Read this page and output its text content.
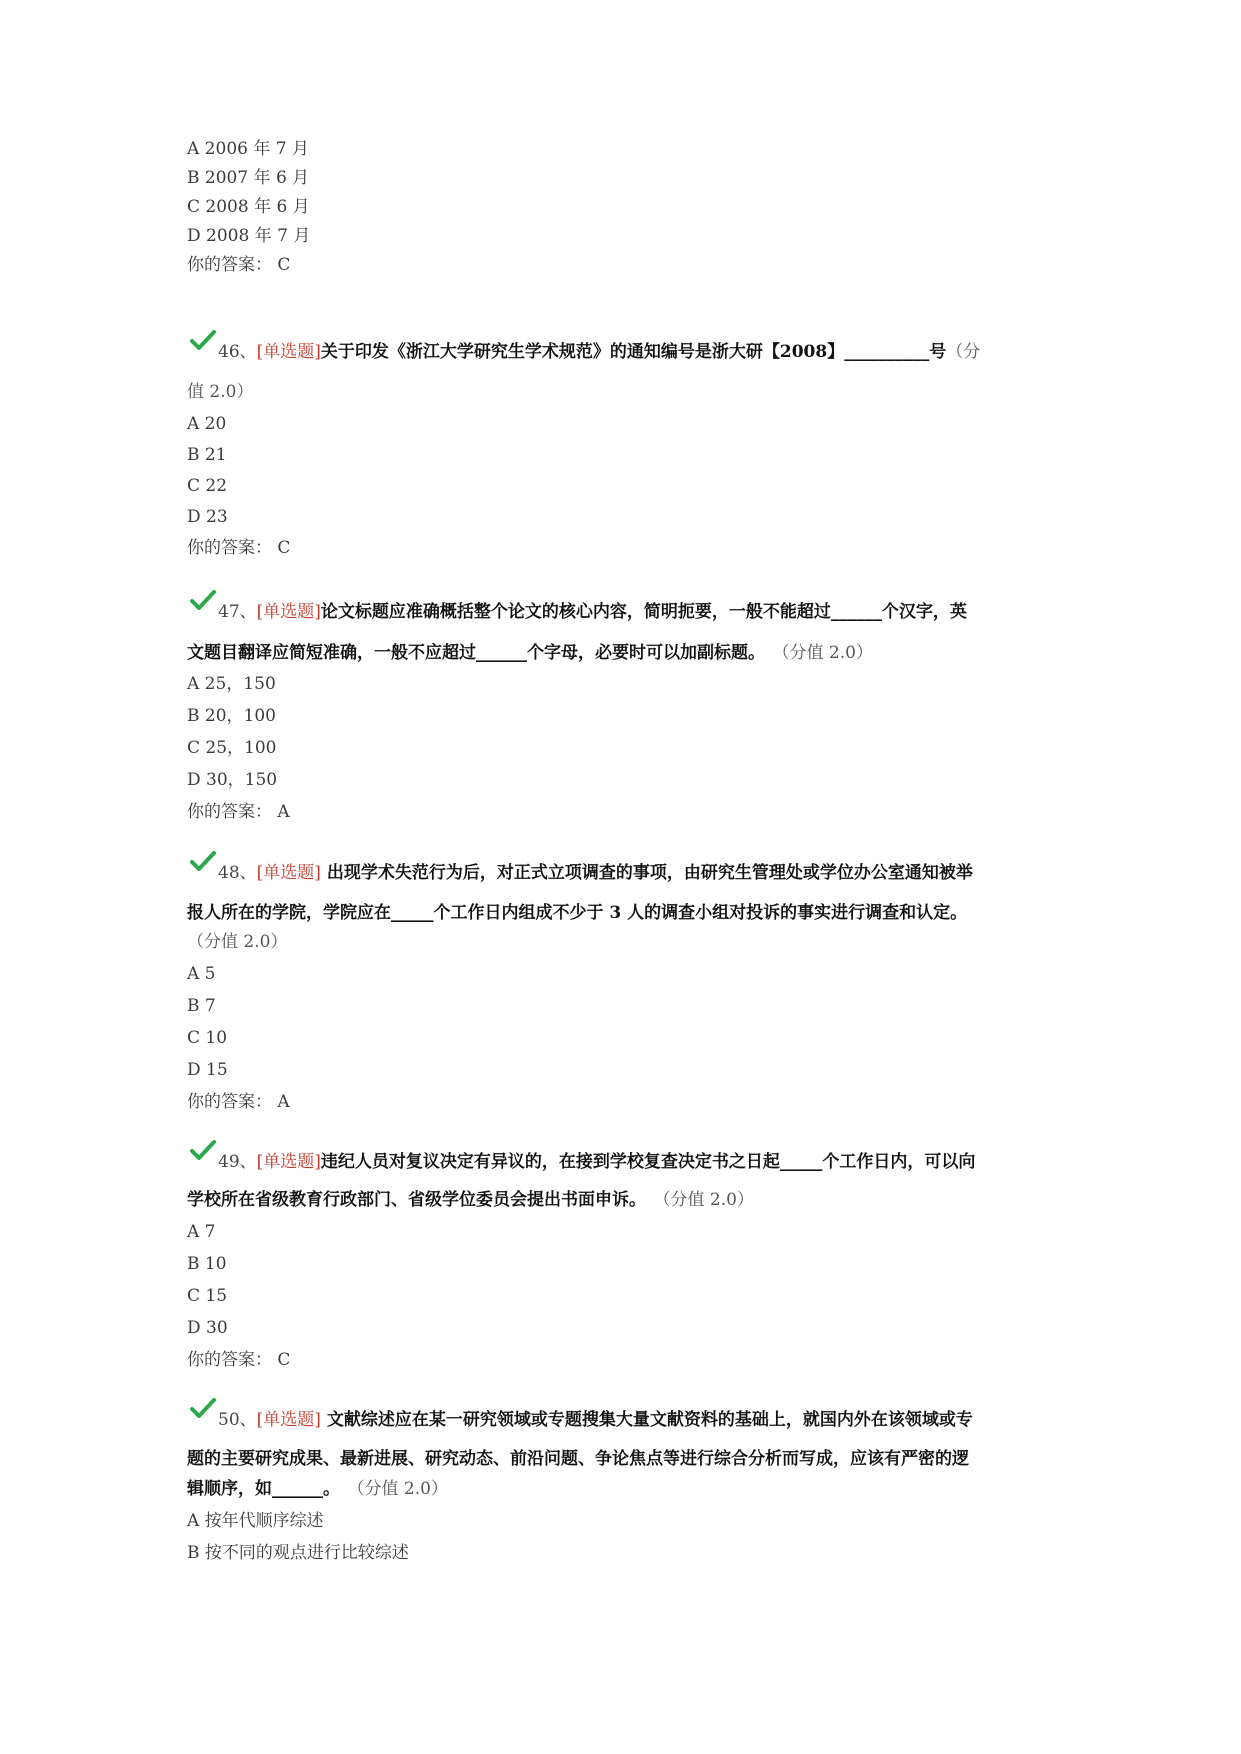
A 2006 年 7 月
B 2007 年 6 月
C 2008 年 6 月
D 2008 年 7 月
你的答案： C
46、[单选题]关于印发《浙江大学研究生学术规范》的通知编号是浙大研【2008】__________号（分
值 2.0）
A 20
B 21
C 22
D 23
你的答案： C
47、[单选题]论文标题应准确概括整个论文的核心内容，简明扼要，一般不能超过______个汉字，英
文题目翻译应简短准确，一般不应超过______个字母，必要时可以加副标题。 （分值 2.0）
A 25，150
B 20，100
C 25，100
D 30，150
你的答案： A
48、[单选题] 出现学术失范行为后，对正式立项调查的事项，由研究生管理处或学位办公室通知被举
报人所在的学院，学院应在_____个工作日内组成不少于 3 人的调查小组对投诉的事实进行调查和认定。
（分值 2.0）
A 5
B 7
C 10
D 15
你的答案： A
49、[单选题]违纪人员对复议决定有异议的，在接到学校复查决定书之日起_____个工作日内，可以向
学校所在省级教育行政部门、省级学位委员会提出书面申诉。 （分值 2.0）
A 7
B 10
C 15
D 30
你的答案： C
50、[单选题] 文献综述应在某一研究领域或专题搜集大量文献资料的基础上，就国内外在该领域或专
题的主要研究成果、最新进展、研究动态、前沿问题、争论焦点等进行综合分析而写成，应该有严密的逻
辑顺序，如______。 （分值 2.0）
A 按年代顺序综述
B 按不同的观点进行比较综述
